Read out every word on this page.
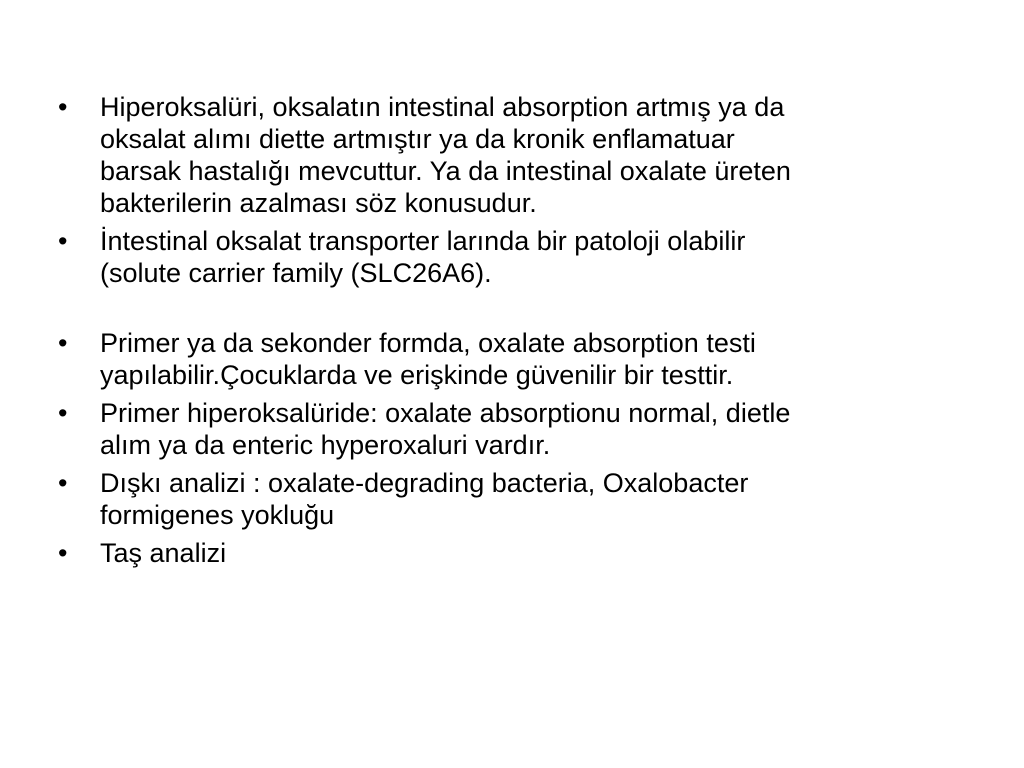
•	Hiperoksalüri, oksalatın intestinal absorption artmış ya da
oksalat alımı diette artmıştır ya da kronik enflamatuar
barsak hastalığı mevcuttur. Ya da intestinal oxalate üreten
bakterilerin azalması söz konusudur.
•	İntestinal oksalat transporter larında bir patoloji olabilir
(solute carrier family (SLC26A6).
•	Primer ya da sekonder formda, oxalate absorption testi
yapılabilir.Çocuklarda ve erişkinde güvenilir bir testtir.
•	Primer hiperoksalüride: oxalate absorptionu normal, dietle
alım ya da enteric hyperoxaluri vardır.
•	Dışkı analizi : oxalate-degrading bacteria, Oxalobacter
formigenes yokluğu
•	Taş analizi
